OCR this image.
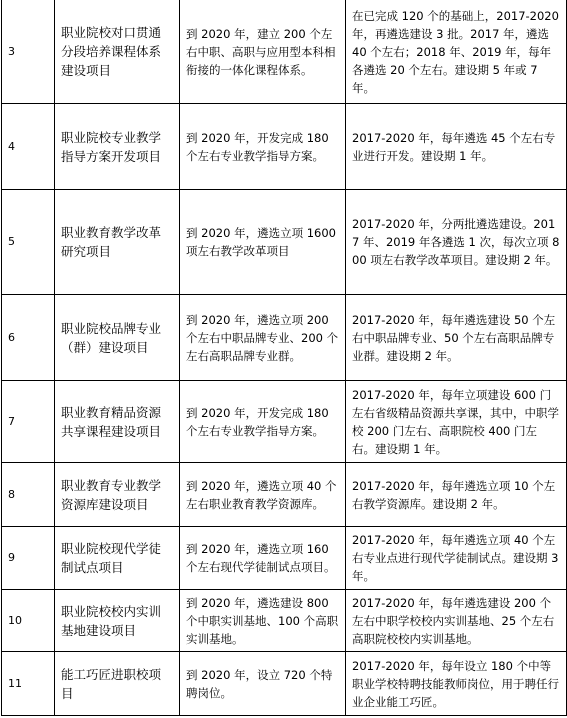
3	职业院校对口贯通分段培养课程体系建设项目	到 2020 年，建立 200 个左右中职、高职与应用型本科相衔接的一体化课程体系。	在已完成 120 个的基础上，2017-2020 年，再遴选建设 3 批。2017 年，遴选 40 个左右；2018 年、2019 年，每年各遴选 20 个左右。建设期 5 年或 7 年。
4	职业院校专业教学指导方案开发项目	到 2020 年，开发完成 180 个左右专业教学指导方案。	2017-2020 年，每年遴选 45 个左右专业进行开发。建设期 1 年。
5	职业教育教学改革研究项目	到 2020 年，遴选立项 1600 项左右教学改革项目	2017-2020 年，分两批遴选建设。2017 年、2019 年各遴选 1 次，每次立项 800 项左右教学改革项目。建设期 2 年。
6	职业院校品牌专业（群）建设项目	到 2020 年，遴选立项 200 个左右中职品牌专业、200 个左右高职品牌专业群。	2017-2020 年，每年遴选建设 50 个左右中职品牌专业、50 个左右高职品牌专业群。建设期 2 年。
7	职业教育精品资源共享课程建设项目	到 2020 年，开发完成 180 个左右专业教学指导方案。	2017-2020 年，每年立项建设 600 门左右省级精品资源共享课，其中，中职学校 200 门左右、高职院校 400 门左右。建设期 1 年。
8	职业教育专业教学资源库建设项目	到 2020 年，遴选立项 40 个左右职业教育教学资源库。	2017-2020 年，每年遴选立项 10 个左右教学资源库。建设期 2 年。
9	职业院校现代学徒制试点项目	到 2020 年，遴选立项 160 个左右现代学徒制试点项目。	2017-2020 年，每年遴选立项 40 个左右专业点进行现代学徒制试点。建设期 3 年。
10	职业院校校内实训基地建设项目	到 2020 年，遴选建设 800 个中职实训基地、100 个高职实训基地。	2017-2020 年，每年遴选建设 200 个左右中职学校校内实训基地、25 个左右高职院校校内实训基地。
11	能工巧匠进职校项目	到 2020 年，设立 720 个特聘岗位。	2017-2020 年，每年设立 180 个中等职业学校特聘技能教师岗位，用于聘任行业企业能工巧匠。
